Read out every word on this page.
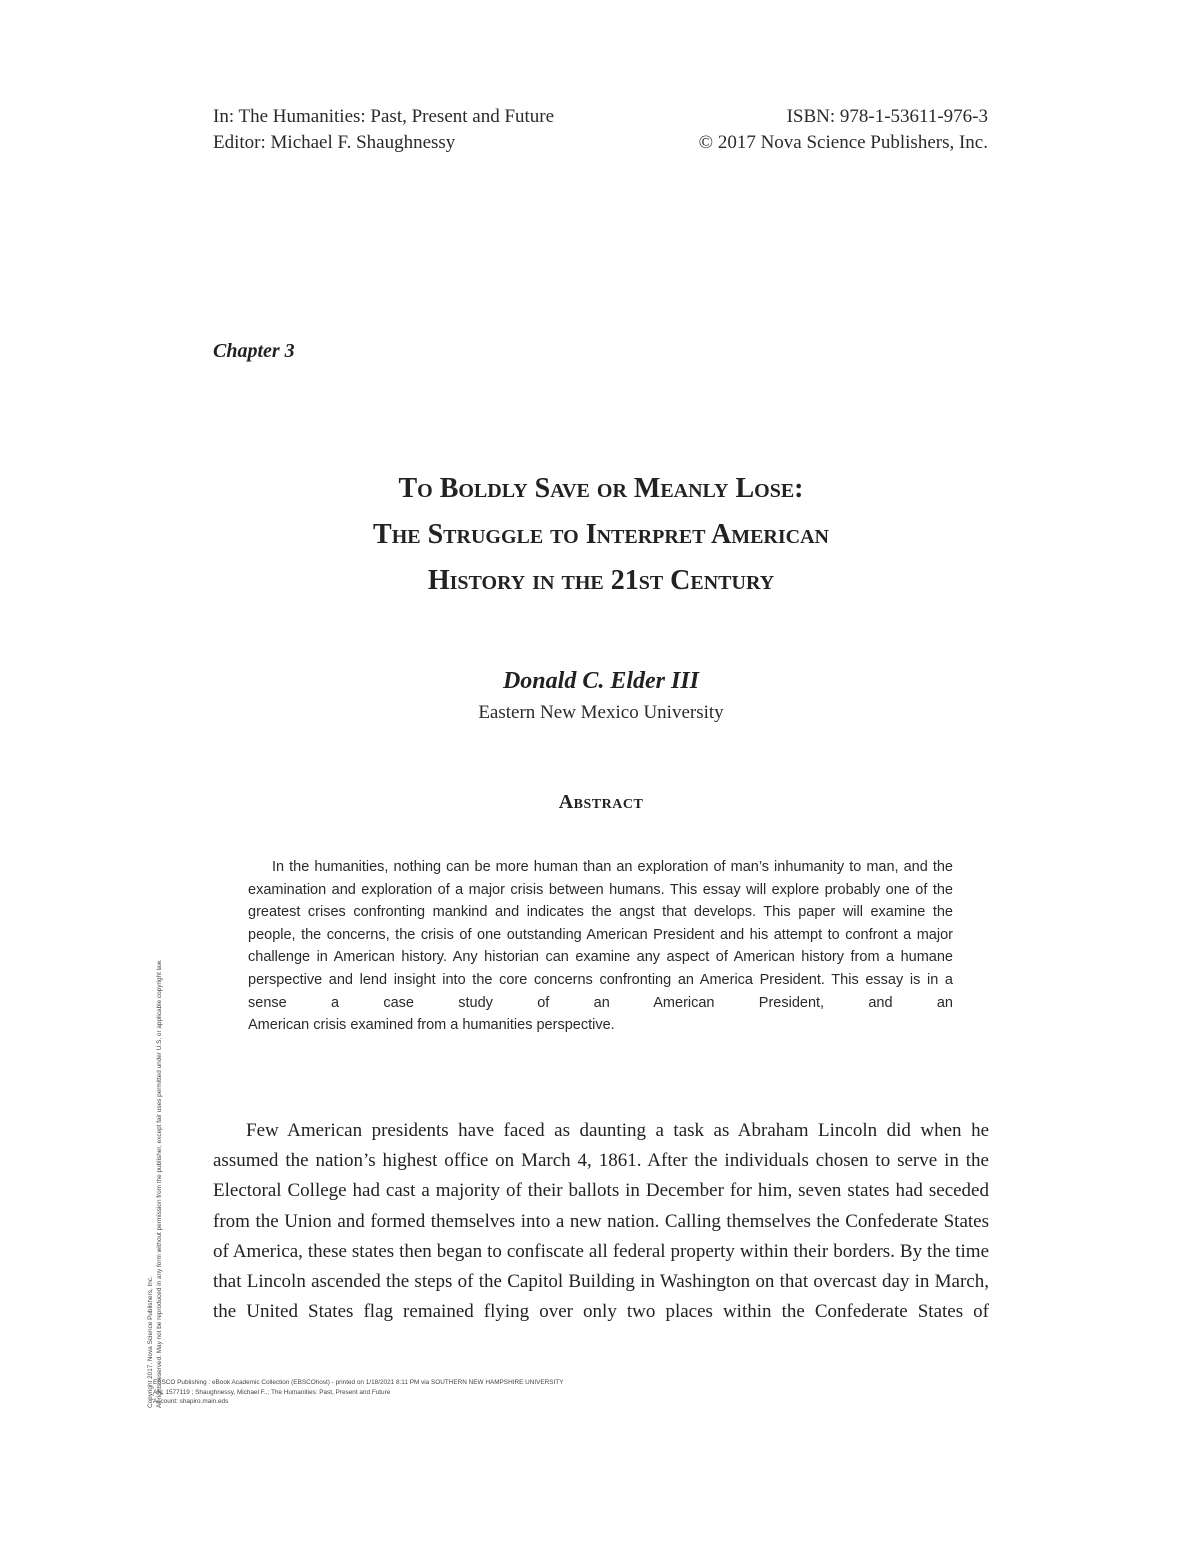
In: The Humanities: Past, Present and Future
Editor: Michael F. Shaughnessy
ISBN: 978-1-53611-976-3
© 2017 Nova Science Publishers, Inc.
Chapter 3
To Boldly Save or Meanly Lose:
The Struggle to Interpret American
History in the 21st Century
Donald C. Elder III
Eastern New Mexico University
Abstract

In the humanities, nothing can be more human than an exploration of man’s inhumanity to man, and the examination and exploration of a major crisis between humans. This essay will explore probably one of the greatest crises confronting mankind and indicates the angst that develops. This paper will examine the people, the concerns, the crisis of one outstanding American President and his attempt to confront a major challenge in American history. Any historian can examine any aspect of American history from a humane perspective and lend insight into the core concerns confronting an America President. This essay is in a sense a case study of an American President, and an

American crisis examined from a humanities perspective.

Few American presidents have faced as daunting a task as Abraham Lincoln did when he assumed the nation’s highest office on March 4, 1861. After the individuals chosen to serve in the Electoral College had cast a majority of their ballots in December for him, seven states had seceded from the Union and formed themselves into a new nation. Calling themselves the Confederate States of America, these states then began to confiscate all federal property within their borders. By the time that Lincoln ascended the steps of the Capitol Building in Washington on that overcast day in March, the United States flag remained flying over only two places within the Confederate States of

Copyright 2017. Nova Science Publishers, Inc. All rights reserved. May not be reproduced in any form without permission from the publisher, except fair uses permitted under U.S. or applicable copyright law.
EBSCO Publishing : eBook Academic Collection (EBSCOhost) - printed on 1/18/2021 8:11 PM via SOUTHERN NEW HAMPSHIRE UNIVERSITY
AN: 1577119 ; Shaughnessy, Michael F..; The Humanities: Past, Present and Future
Account: shapiro.main.eds
